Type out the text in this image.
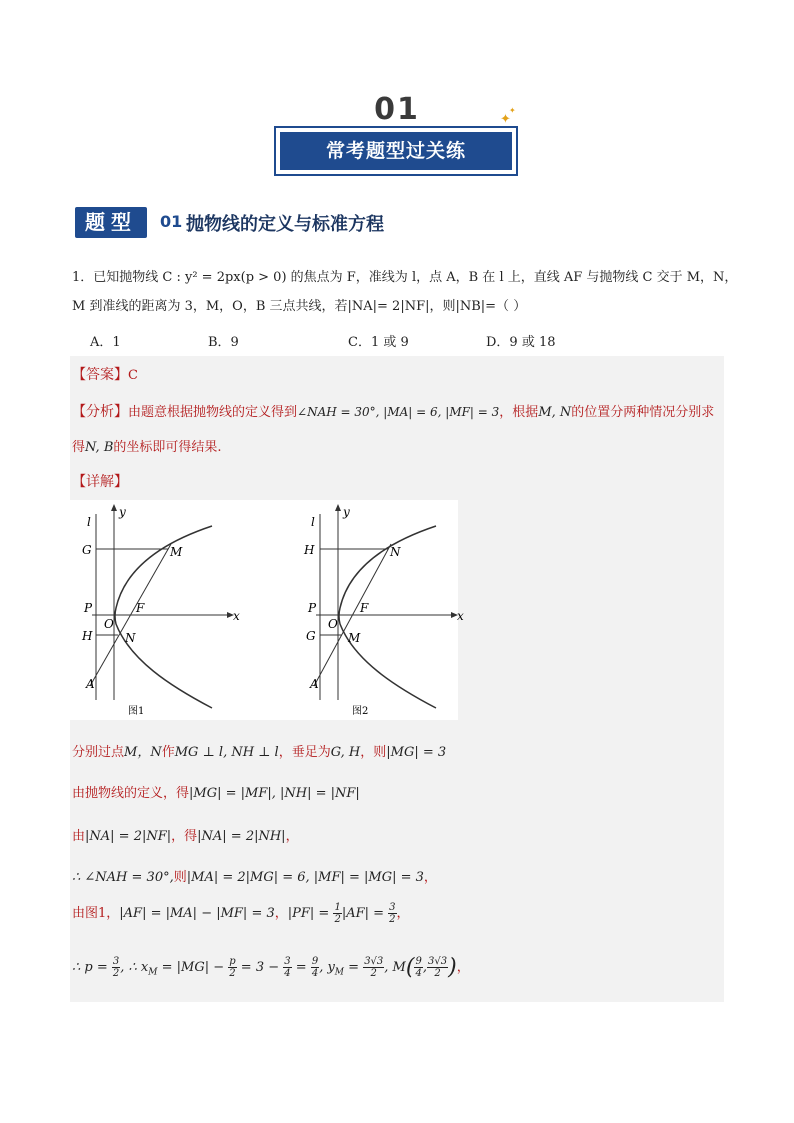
01	✦
✦
常考题型过关练
题型	01 抛物线的定义与标准方程
1．已知抛物线 C : y² = 2px(p > 0) 的焦点为 F，准线为 l，点 A，B 在 l 上，直线 AF 与抛物线 C 交于 M，N，
M 到准线的距离为 3，M，O，B 三点共线，若|NA|= 2|NF|，则|NB|=（ ）
A．1	B．9	C．1 或 9	D．9 或 18
【答案】C
【分析】由题意根据抛物线的定义得到∠NAH = 30°, |MA| = 6, |MF| = 3，根据M, N的位置分两种情况分别求
得N, B的坐标即可得结果.
【详解】
l
y
x
G	M
P	F
O
H	N
A
图1
l
y
x
H	N
P	F
O
G	M
A
图2
分别过点M，N作MG ⊥ l, NH ⊥ l，垂足为G, H，则|MG| = 3
由抛物线的定义，得|MG| = |MF|, |NH| = |NF|
由|NA| = 2|NF|，得|NA| = 2|NH|，
∴ ∠NAH = 30°,则|MA| = 2|MG| = 6, |MF| = |MG| = 3，
由图1，|AF| = |MA| − |MF| = 3，$|PF| = \frac{1}{2} |AF| = \frac{3}{2}$ ，
∴ $p = \frac{3}{2}$ , ∴ $x_M = |MG| - \frac{p}{2} = 3 - \frac{3}{4} = \frac{9}{4}$ , $y_M = \frac{3√3}{2}$ , $M( \frac{9}{4}$ , $\frac{3√3}{2}$ )，
